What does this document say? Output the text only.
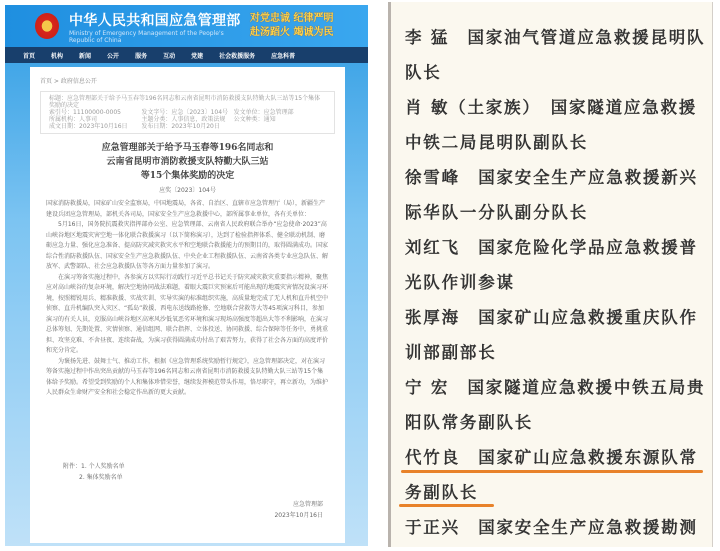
中华人民共和国应急管理部
Ministry of Emergency Management of the People's Republic of China
对党忠诚 纪律严明
赴汤蹈火 竭诚为民
首页	机构	新闻	公开	服务	互动	党建	社会救援服务	应急科普
首页 > 政府信息公开
标题：应急管理部关于给予马玉春等196名同志和云南省昆明市消防救援支队特勤大队三站等15个集体奖励的决定
索引号：11100000-0005	发文字号：应急〔2023〕104号 发文单位：应急管理部
所属机构：人事司	主题分类：人事信息，政策法规	公文种类：通知
成文日期：2023年10月16日	发布日期：2023年10月20日
应急管理部关于给予马玉春等196名同志和
云南省昆明市消防救援支队特勤大队三站
等15个集体奖励的决定
应奖〔2023〕104号

国家消防救援局，国家矿山安全监察局，中国地震局，各省、自治区、直辖市应急管理厅（局），新疆生产建设兵团应急管理局，部机关各司局，国家安全生产应急救援中心，部所属事业单位，各有关单位：

5月16日，国务院抗震救灾指挥部办公室、应急管理部、云南省人民政府联合举办“应急使命·2023”高山峡谷地区地震灾害空地一体化联合救援演习（以下简称演习），达到了检验指挥体系、健全联动机制、磨砺应急力量、强化应急准备、提高防灾减灾救灾水平和空地联合救援能力的预期目的，取得圆满成功。国家综合性消防救援队伍、国家安全生产应急救援队伍、中央企业工程救援队伍、云南省各类专业应急队伍、解放军、武警部队、社会应急救援队伍等各方面力量参加了演习。

在演习筹备实施过程中，各参演方以实际行动践行习近平总书记关于防灾减灾救灾重要指示精神，聚焦应对高山峡谷的复杂环境，解决空地协同战法难题，着眼大震巨灾预案后可能出现的地震灾害情况设演习环境，按照精锐用兵、精准救援、实战实训、实导实演的标准组织实施，高质量地完成了无人机和直升机空中侦察、直升机编队突入灾区、“孤岛”救援、西电东送线路抢修、空地联合营救等大等45项演习科目，参加演习的有关人员，克服高山峡谷地区高寒风沙低氧恶劣环境和演习现场高强度等超出大等不利影响，在演习总体筹划、先期处置、灾情侦察、通信组网、联合指挥、立体投送、协同救援、综合保障等任务中，勇挑重担、攻坚克难、不舍昼夜、连续奋战，为演习获得圆满成功付出了艰苦努力，获得了社会各方面的高度评价和充分肯定。

为褒扬先进、鼓舞士气、推动工作，根据《应急管理系统奖励暂行规定》，应急管理部决定，对在演习筹备实施过程中作出突出贡献的马玉春等196名同志和云南省昆明市消防救援支队特勤大队三站等15个集体给予奖励。希望受到奖励的个人和集体珍惜荣誉，继续发挥模范带头作用，恪尽职守，再立新功，为维护人民群众生命财产安全和社会稳定作出新的更大贡献。

附件：1. 个人奖励名单
2. 集体奖励名单
应急管理部
2023年10月16日
李 猛　国家油气管道应急救援昆明队
队长
肖 敏（土家族）　国家隧道应急救援
中铁二局昆明队副队长
徐雪峰　国家安全生产应急救援新兴
际华队一分队副分队长
刘红飞　国家危险化学品应急救援普
光队作训参谋
张厚海　国家矿山应急救援重庆队作
训部副部长
宁 宏　国家隧道应急救援中铁五局贵
阳队常务副队长
代竹良　国家矿山应急救援东源队常
务副队长
于正兴　国家安全生产应急救援勘测
